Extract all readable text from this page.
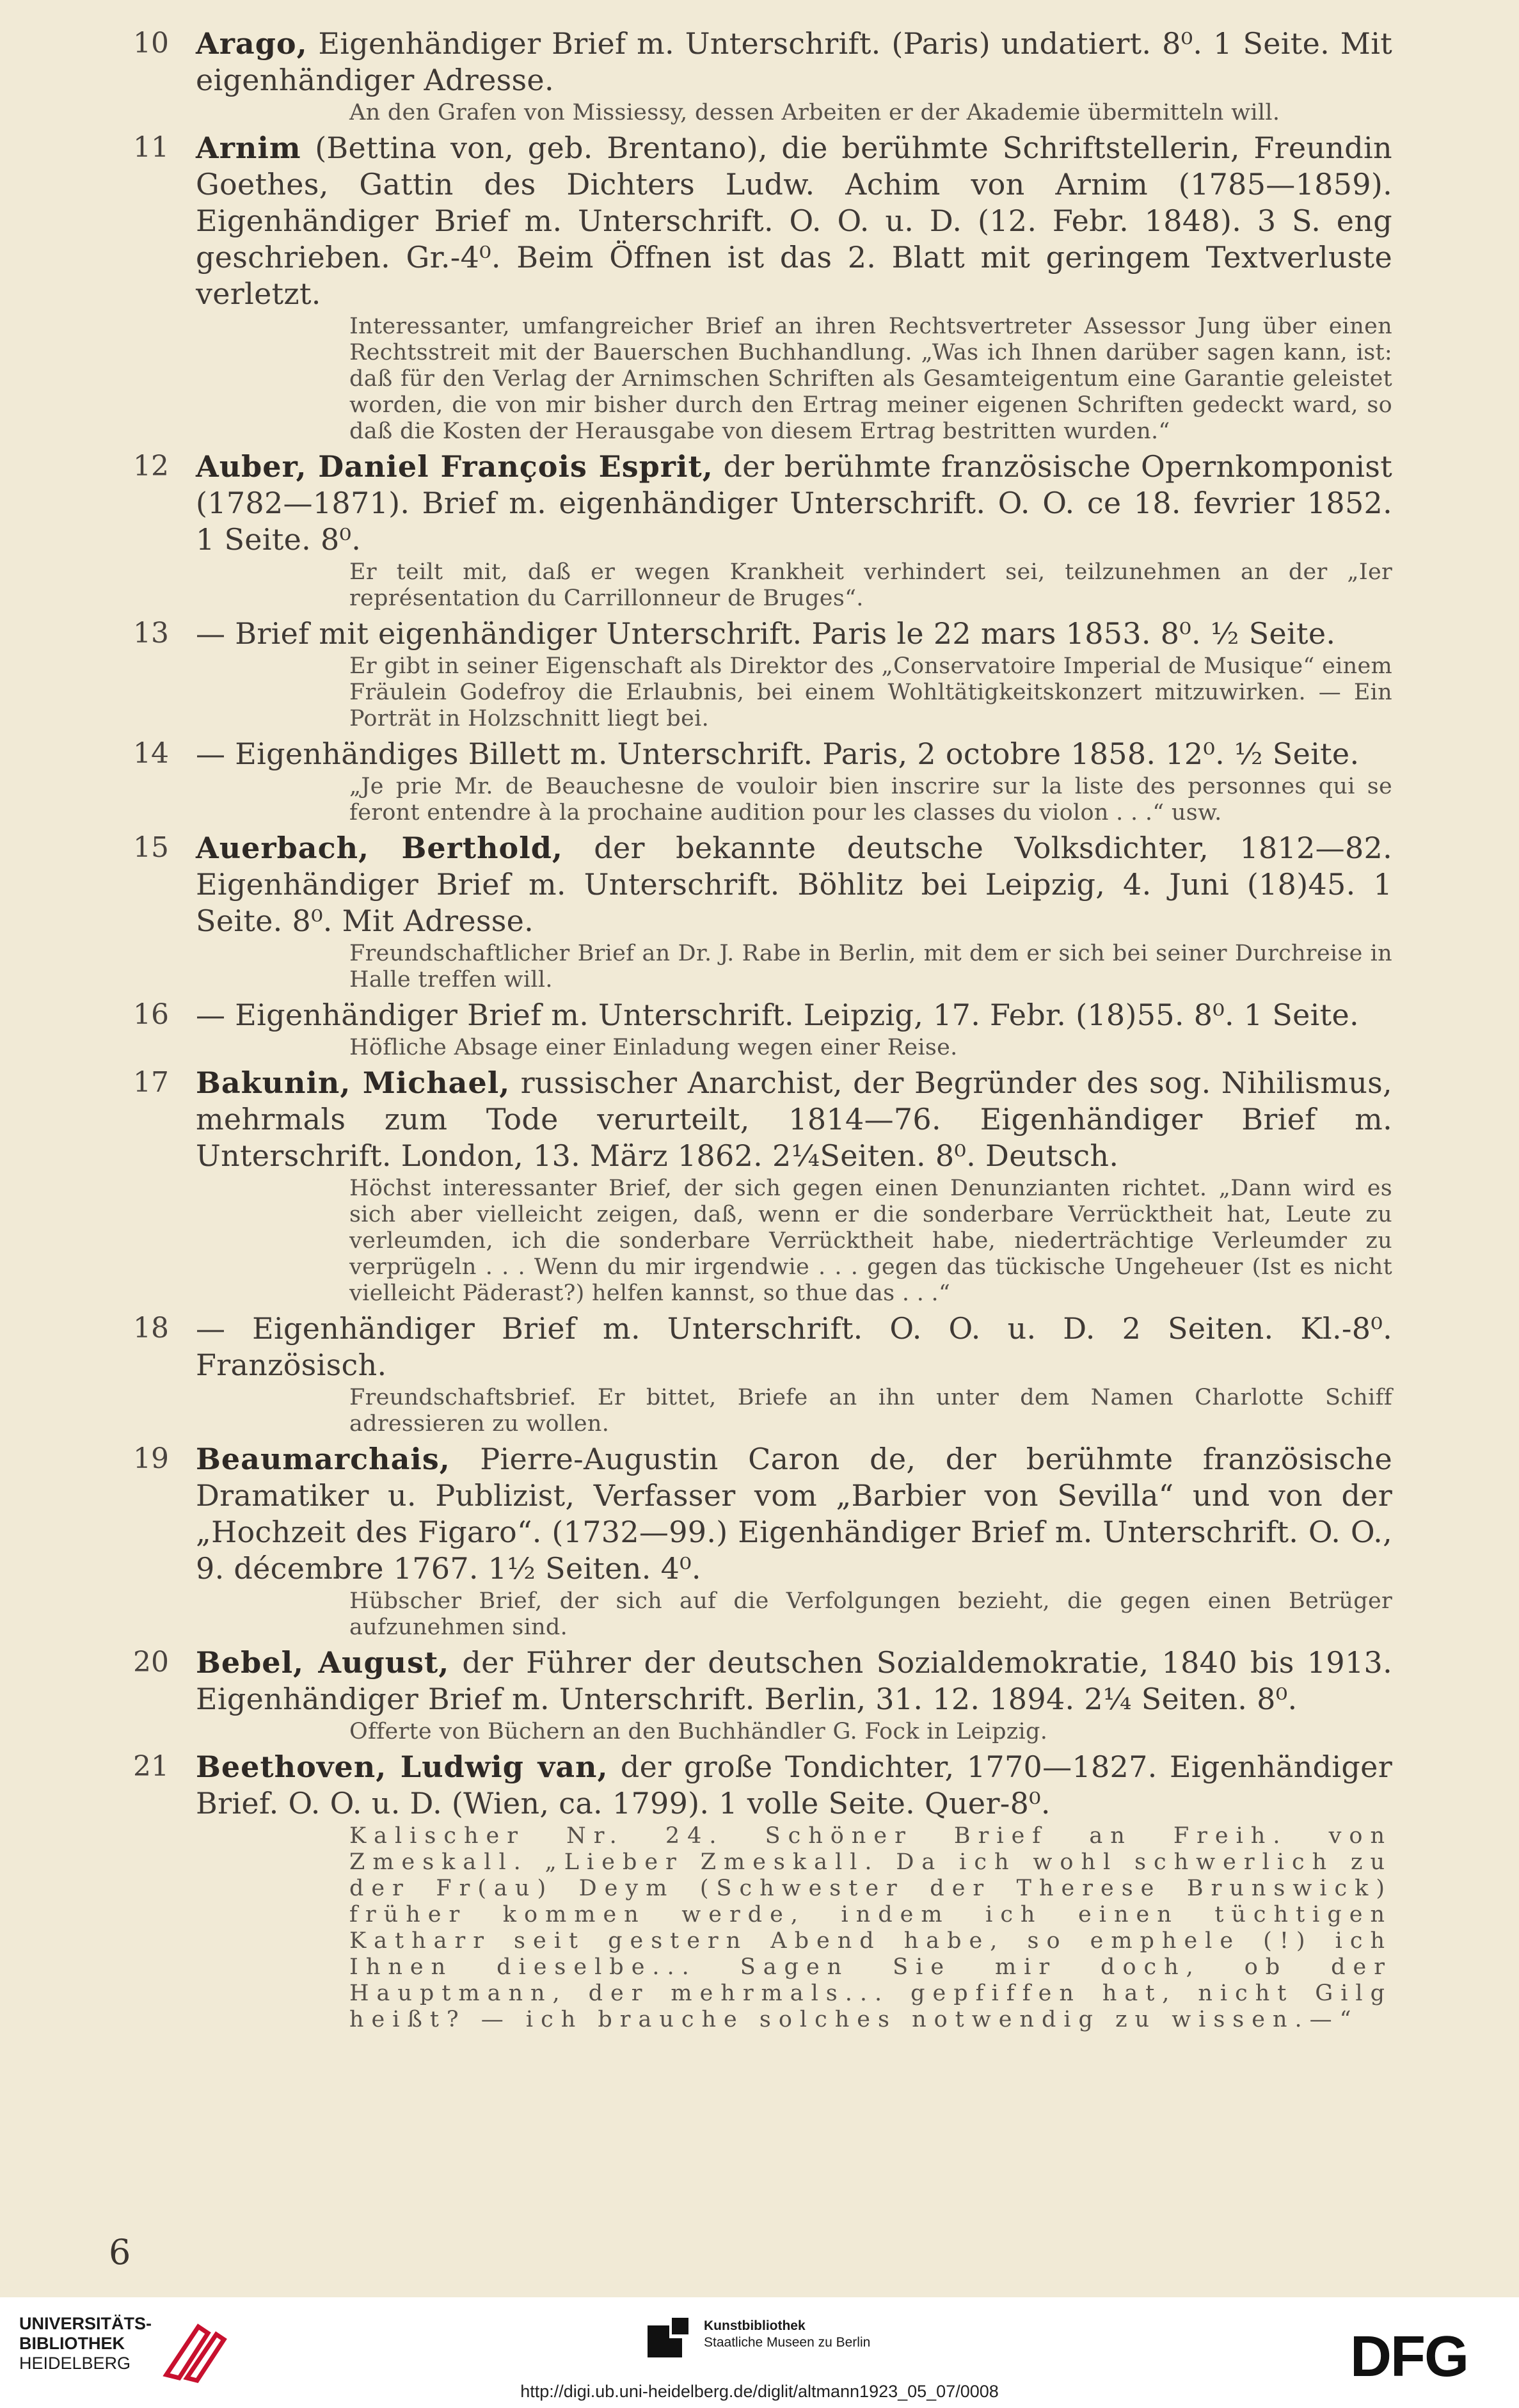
10 Arago, Eigenhändiger Brief m. Unterschrift. (Paris) undatiert. 8⁰. 1 Seite. Mit eigenhändiger Adresse.
An den Grafen von Missiessy, dessen Arbeiten er der Akademie übermitteln will.
11 Arnim (Bettina von, geb. Brentano), die berühmte Schriftstellerin, Freundin Goethes, Gattin des Dichters Ludw. Achim von Arnim (1785—1859). Eigenhändiger Brief m. Unterschrift. O. O. u. D. (12. Febr. 1848). 3 S. eng geschrieben. Gr.-4⁰. Beim Öffnen ist das 2. Blatt mit geringem Textverluste verletzt.
Interessanter, umfangreicher Brief an ihren Rechtsvertreter Assessor Jung über einen Rechtsstreit mit der Bauerschen Buchhandlung. „Was ich Ihnen darüber sagen kann, ist: daß für den Verlag der Arnimschen Schriften als Gesamteigentum eine Garantie geleistet worden, die von mir bisher durch den Ertrag meiner eigenen Schriften gedeckt ward, so daß die Kosten der Herausgabe von diesem Ertrag bestritten wurden.“
12 Auber, Daniel François Esprit, der berühmte französische Opernkomponist (1782—1871). Brief m. eigenhändiger Unterschrift. O. O. ce 18. fevrier 1852. 1 Seite. 8⁰.
Er teilt mit, daß er wegen Krankheit verhindert sei, teilzunehmen an der „Ier représentation du Carrillonneur de Bruges“.
13 — Brief mit eigenhändiger Unterschrift. Paris le 22 mars 1853. 8⁰. ½ Seite.
Er gibt in seiner Eigenschaft als Direktor des „Conservatoire Imperial de Musique“ einem Fräulein Godefroy die Erlaubnis, bei einem Wohltätigkeitskonzert mitzuwirken. — Ein Porträt in Holzschnitt liegt bei.
14 — Eigenhändiges Billett m. Unterschrift. Paris, 2 octobre 1858. 12⁰. ½ Seite.
„Je prie Mr. de Beauchesne de vouloir bien inscrire sur la liste des personnes qui se feront entendre à la prochaine audition pour les classes du violon . . .“ usw.
15 Auerbach, Berthold, der bekannte deutsche Volksdichter, 1812—82. Eigenhändiger Brief m. Unterschrift. Böhlitz bei Leipzig, 4. Juni (18)45. 1 Seite. 8⁰. Mit Adresse.
Freundschaftlicher Brief an Dr. J. Rabe in Berlin, mit dem er sich bei seiner Durchreise in Halle treffen will.
16 — Eigenhändiger Brief m. Unterschrift. Leipzig, 17. Febr. (18)55. 8⁰. 1 Seite.
Höfliche Absage einer Einladung wegen einer Reise.
17 Bakunin, Michael, russischer Anarchist, der Begründer des sog. Nihilismus, mehrmals zum Tode verurteilt, 1814—76. Eigenhändiger Brief m. Unterschrift. London, 13. März 1862. 2¼Seiten. 8⁰. Deutsch.
Höchst interessanter Brief, der sich gegen einen Denunzianten richtet. „Dann wird es sich aber vielleicht zeigen, daß, wenn er die sonderbare Verrücktheit hat, Leute zu verleumden, ich die sonderbare Verrücktheit habe, niederträchtige Verleumder zu verprügeln . . . Wenn du mir irgendwie . . . gegen das tückische Ungeheuer (Ist es nicht vielleicht Päderast?) helfen kannst, so thue das . . .“
18 — Eigenhändiger Brief m. Unterschrift. O. O. u. D. 2 Seiten. Kl.-8⁰. Französisch.
Freundschaftsbrief. Er bittet, Briefe an ihn unter dem Namen Charlotte Schiff adressieren zu wollen.
19 Beaumarchais, Pierre-Augustin Caron de, der berühmte französische Dramatiker u. Publizist, Verfasser vom „Barbier von Sevilla“ und von der „Hochzeit des Figaro“. (1732—99.) Eigenhändiger Brief m. Unterschrift. O. O., 9. décembre 1767. 1½ Seiten. 4⁰.
Hübscher Brief, der sich auf die Verfolgungen bezieht, die gegen einen Betrüger aufzunehmen sind.
20 Bebel, August, der Führer der deutschen Sozialdemokratie, 1840 bis 1913. Eigenhändiger Brief m. Unterschrift. Berlin, 31. 12. 1894. 2¼ Seiten. 8⁰.
Offerte von Büchern an den Buchhändler G. Fock in Leipzig.
21 Beethoven, Ludwig van, der große Tondichter, 1770—1827. Eigenhändiger Brief. O. O. u. D. (Wien, ca. 1799). 1 volle Seite. Quer-8⁰.
Kalischer Nr. 24. Schöner Brief an Freih. von Zmeskall. „Lieber Zmeskall. Da ich wohl schwerlich zu der Fr(au) Deym (Schwester der Therese Brunswick) früher kommen werde, indem ich einen tüchtigen Katharr seit gestern Abend habe, so emphele (!) ich Ihnen dieselbe... Sagen Sie mir doch, ob der Hauptmann, der mehrmals... gepfiffen hat, nicht Gilg heißt? — ich brauche solches notwendig zu wissen.—“
6
UNIVERSITÄTS-
BIBLIOTHEK
HEIDELBERG
Kunstbibliothek
Staatliche Museen zu Berlin	DFG
http://digi.ub.uni-heidelberg.de/diglit/altmann1923_05_07/0008
